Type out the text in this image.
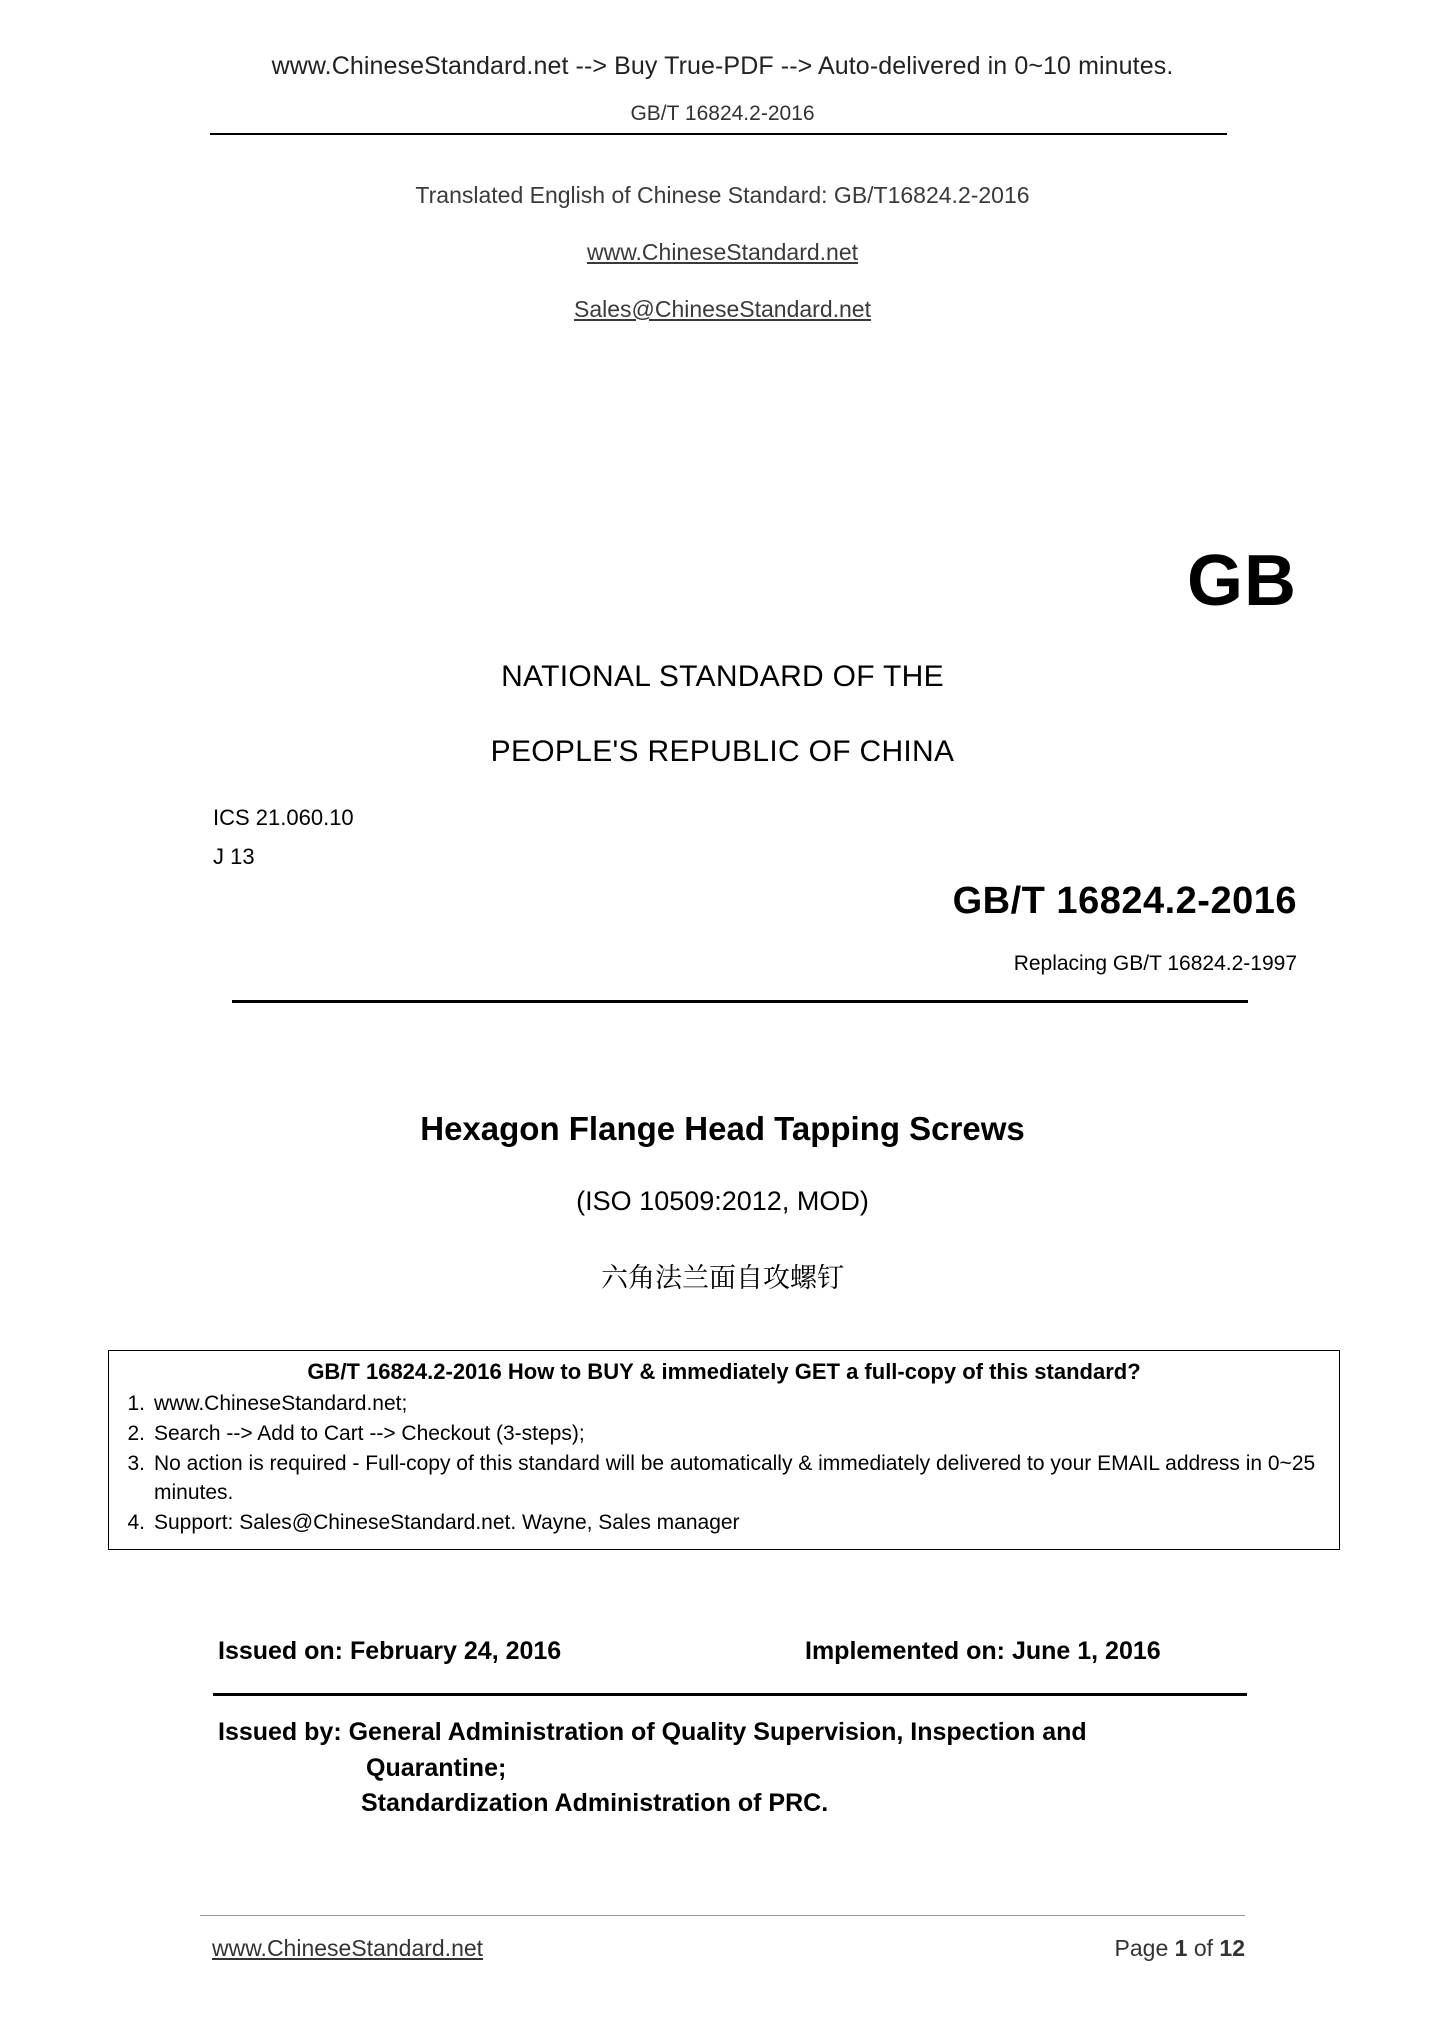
www.ChineseStandard.net --> Buy True-PDF --> Auto-delivered in 0~10 minutes.
GB/T 16824.2-2016
Translated English of Chinese Standard: GB/T16824.2-2016
www.ChineseStandard.net
Sales@ChineseStandard.net
GB
NATIONAL STANDARD OF THE
PEOPLE'S REPUBLIC OF CHINA
ICS 21.060.10
J 13
GB/T 16824.2-2016
Replacing GB/T 16824.2-1997
Hexagon Flange Head Tapping Screws
(ISO 10509:2012, MOD)
六角法兰面自攻螺钉
GB/T 16824.2-2016 How to BUY & immediately GET a full-copy of this standard?
1. www.ChineseStandard.net;
2. Search --> Add to Cart --> Checkout (3-steps);
3. No action is required - Full-copy of this standard will be automatically & immediately delivered to your EMAIL address in 0~25 minutes.
4. Support: Sales@ChineseStandard.net. Wayne, Sales manager
Issued on: February 24, 2016	Implemented on: June 1, 2016
Issued by: General Administration of Quality Supervision, Inspection and
Quarantine;
Standardization Administration of PRC.
www.ChineseStandard.net	Page 1 of 12
